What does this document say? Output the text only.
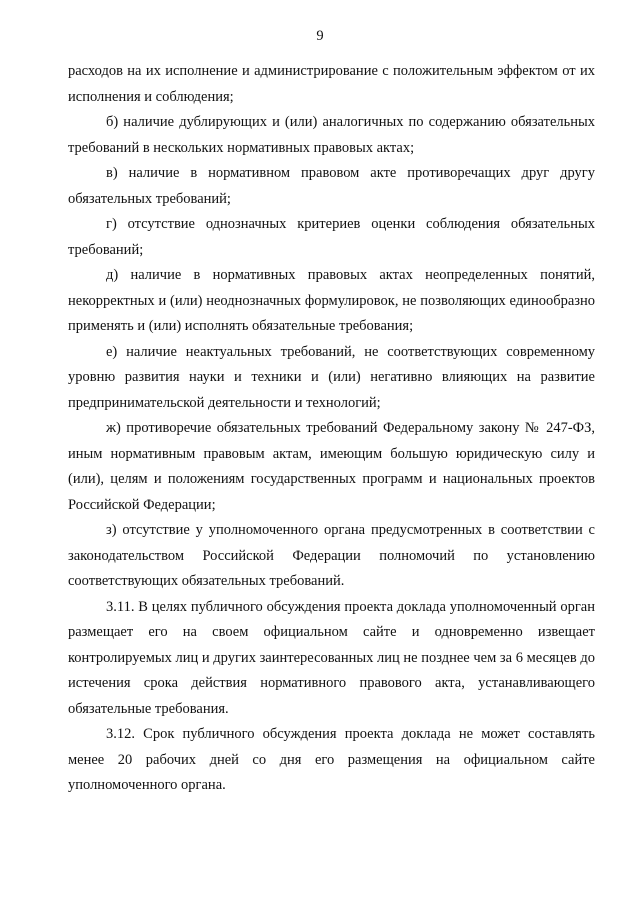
9

расходов на их исполнение и администрирование с положительным эффектом от их исполнения и соблюдения;

б) наличие дублирующих и (или) аналогичных по содержанию обязательных требований в нескольких нормативных правовых актах;

в) наличие в нормативном правовом акте противоречащих друг другу обязательных требований;

г) отсутствие однозначных критериев оценки соблюдения обязательных требований;

д) наличие в нормативных правовых актах неопределенных понятий, некорректных и (или) неоднозначных формулировок, не позволяющих единообразно применять и (или) исполнять обязательные требования;

е) наличие неактуальных требований, не соответствующих современному уровню развития науки и техники и (или) негативно влияющих на развитие предпринимательской деятельности и технологий;

ж) противоречие обязательных требований Федеральному закону № 247-ФЗ, иным нормативным правовым актам, имеющим большую юридическую силу и (или), целям и положениям государственных программ и национальных проектов Российской Федерации;

з) отсутствие у уполномоченного органа предусмотренных в соответствии с законодательством Российской Федерации полномочий по установлению соответствующих обязательных требований.

3.11. В целях публичного обсуждения проекта доклада уполномоченный орган размещает его на своем официальном сайте и одновременно извещает контролируемых лиц и других заинтересованных лиц не позднее чем за 6 месяцев до истечения срока действия нормативного правового акта, устанавливающего обязательные требования.

3.12. Срок публичного обсуждения проекта доклада не может составлять менее 20 рабочих дней со дня его размещения на официальном сайте уполномоченного органа.
